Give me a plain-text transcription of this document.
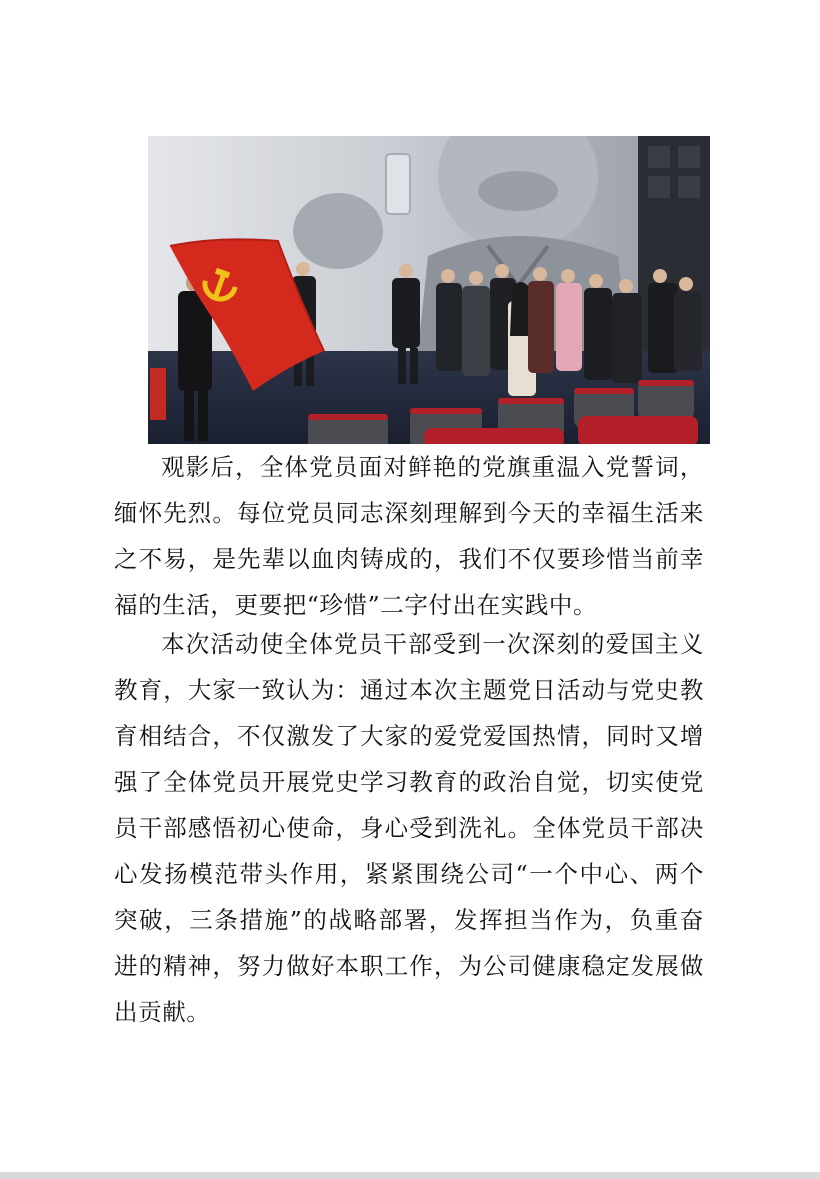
观影后，全体党员面对鲜艳的党旗重温入党誓词，缅怀先烈。每位党员同志深刻理解到今天的幸福生活来之不易，是先辈以血肉铸成的，我们不仅要珍惜当前幸福的生活，更要把“珍惜”二字付出在实践中。

本次活动使全体党员干部受到一次深刻的爱国主义教育，大家一致认为：通过本次主题党日活动与党史教育相结合，不仅激发了大家的爱党爱国热情，同时又增强了全体党员开展党史学习教育的政治自觉，切实使党员干部感悟初心使命，身心受到洗礼。全体党员干部决心发扬模范带头作用，紧紧围绕公司“一个中心、两个突破，三条措施”的战略部署，发挥担当作为，负重奋进的精神，努力做好本职工作，为公司健康稳定发展做出贡献。
